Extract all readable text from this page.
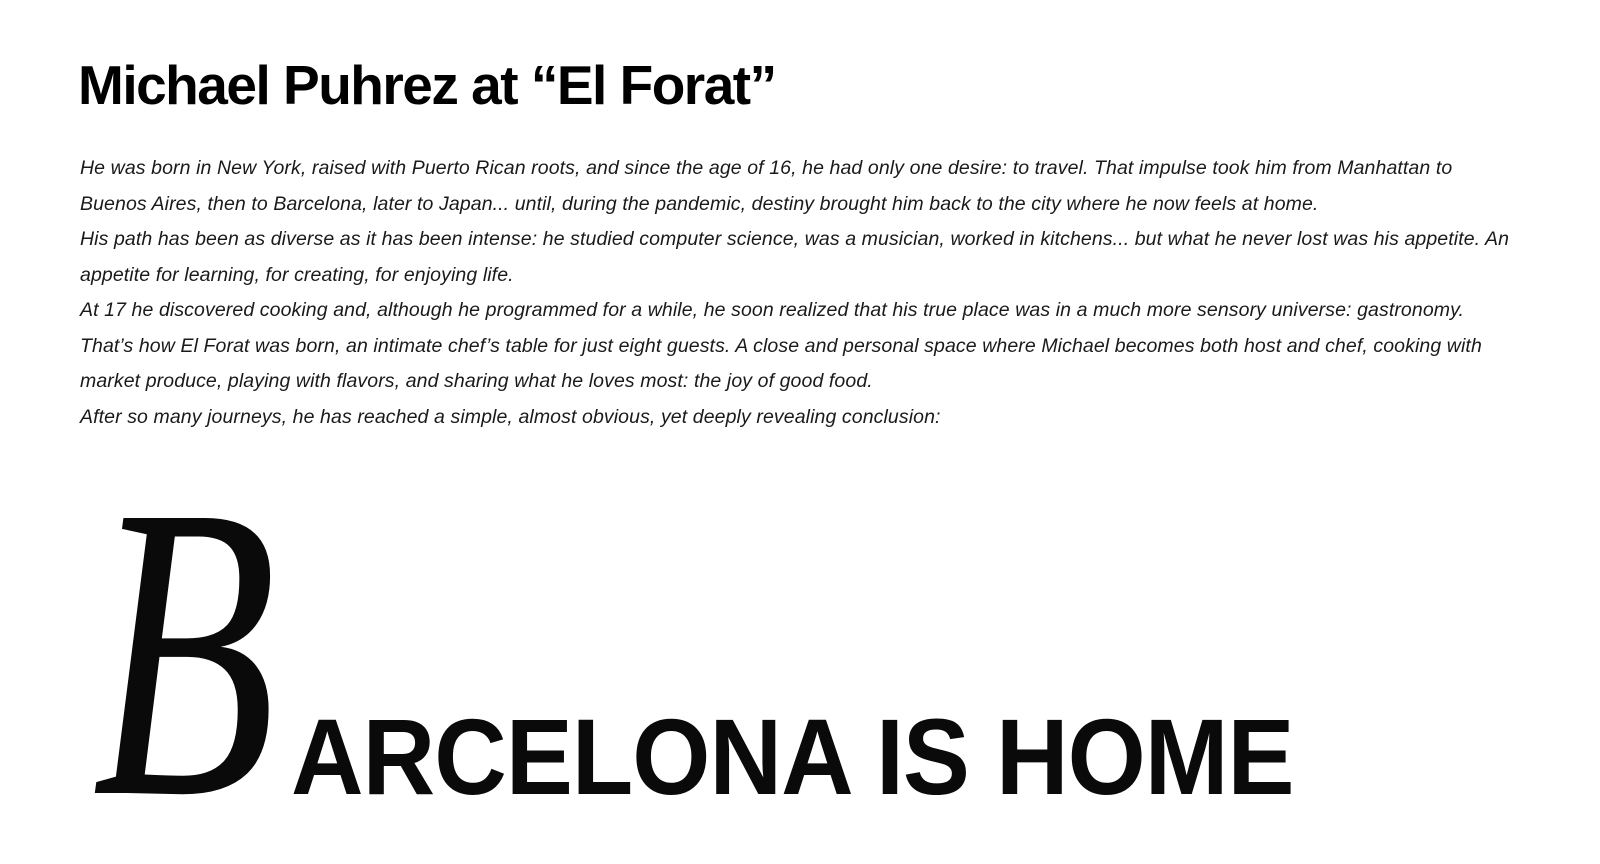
Michael Puhrez at “El Forat”

He was born in New York, raised with Puerto Rican roots, and since the age of 16, he had only one desire: to travel. That impulse took him from Manhattan to Buenos Aires, then to Barcelona, later to Japan... until, during the pandemic, destiny brought him back to the city where he now feels at home.

His path has been as diverse as it has been intense: he studied computer science, was a musician, worked in kitchens... but what he never lost was his appetite. An appetite for learning, for creating, for enjoying life.

At 17 he discovered cooking and, although he programmed for a while, he soon realized that his true place was in a much more sensory universe: gastronomy.

That’s how El Forat was born, an intimate chef’s table for just eight guests. A close and personal space where Michael becomes both host and chef, cooking with market produce, playing with flavors, and sharing what he loves most: the joy of good food.

After so many journeys, he has reached a simple, almost obvious, yet deeply revealing conclusion:

B ARCELONA IS HOME
